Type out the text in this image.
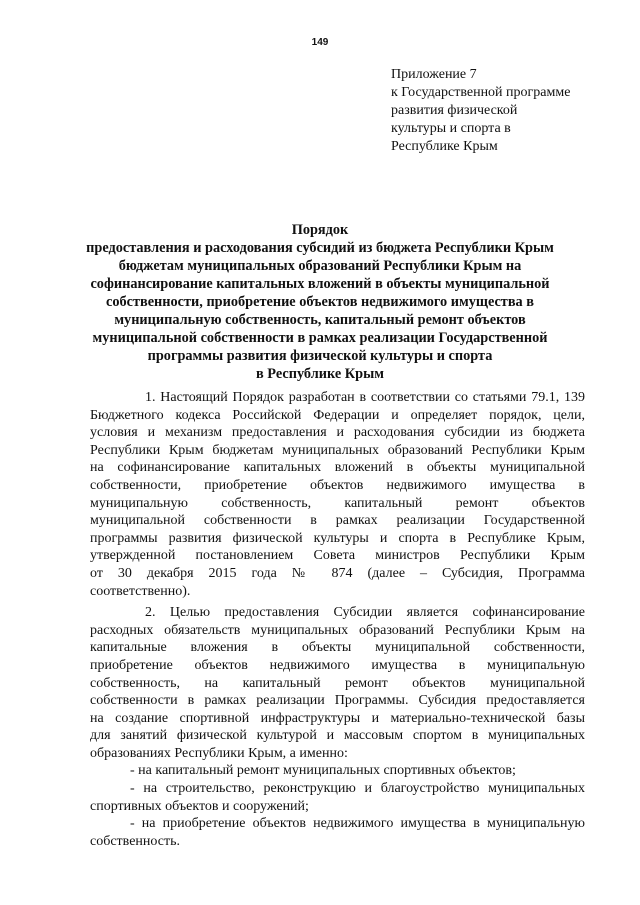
149
Приложение 7
к Государственной программе
развития физической
культуры и спорта в
Республике Крым
Порядок
предоставления и расходования субсидий из бюджета Республики Крым
бюджетам муниципальных образований Республики Крым на
софинансирование капитальных вложений в объекты муниципальной
собственности, приобретение объектов недвижимого имущества в
муниципальную собственность, капитальный ремонт объектов
муниципальной собственности в рамках реализации Государственной
программы развития физической культуры и спорта
в Республике Крым
1. Настоящий Порядок разработан в соответствии со статьями 79.1, 139
Бюджетного кодекса Российской Федерации и определяет порядок, цели,
условия и механизм предоставления и расходования субсидии из бюджета
Республики Крым бюджетам муниципальных образований Республики Крым
на софинансирование капитальных вложений в объекты муниципальной
собственности, приобретение объектов недвижимого имущества в
муниципальную собственность, капитальный ремонт объектов
муниципальной собственности в рамках реализации Государственной
программы развития физической культуры и спорта в Республике Крым,
утвержденной постановлением Совета министров Республики Крым
от 30 декабря 2015 года № 874 (далее – Субсидия, Программа
соответственно).
2. Целью предоставления Субсидии является софинансирование
расходных обязательств муниципальных образований Республики Крым на
капитальные вложения в объекты муниципальной собственности,
приобретение объектов недвижимого имущества в муниципальную
собственность, на капитальный ремонт объектов муниципальной
собственности в рамках реализации Программы. Субсидия предоставляется
на создание спортивной инфраструктуры и материально-технической базы
для занятий физической культурой и массовым спортом в муниципальных
образованиях Республики Крым, а именно:
- на капитальный ремонт муниципальных спортивных объектов;
- на строительство, реконструкцию и благоустройство муниципальных
спортивных объектов и сооружений;
- на приобретение объектов недвижимого имущества в муниципальную
собственность.
